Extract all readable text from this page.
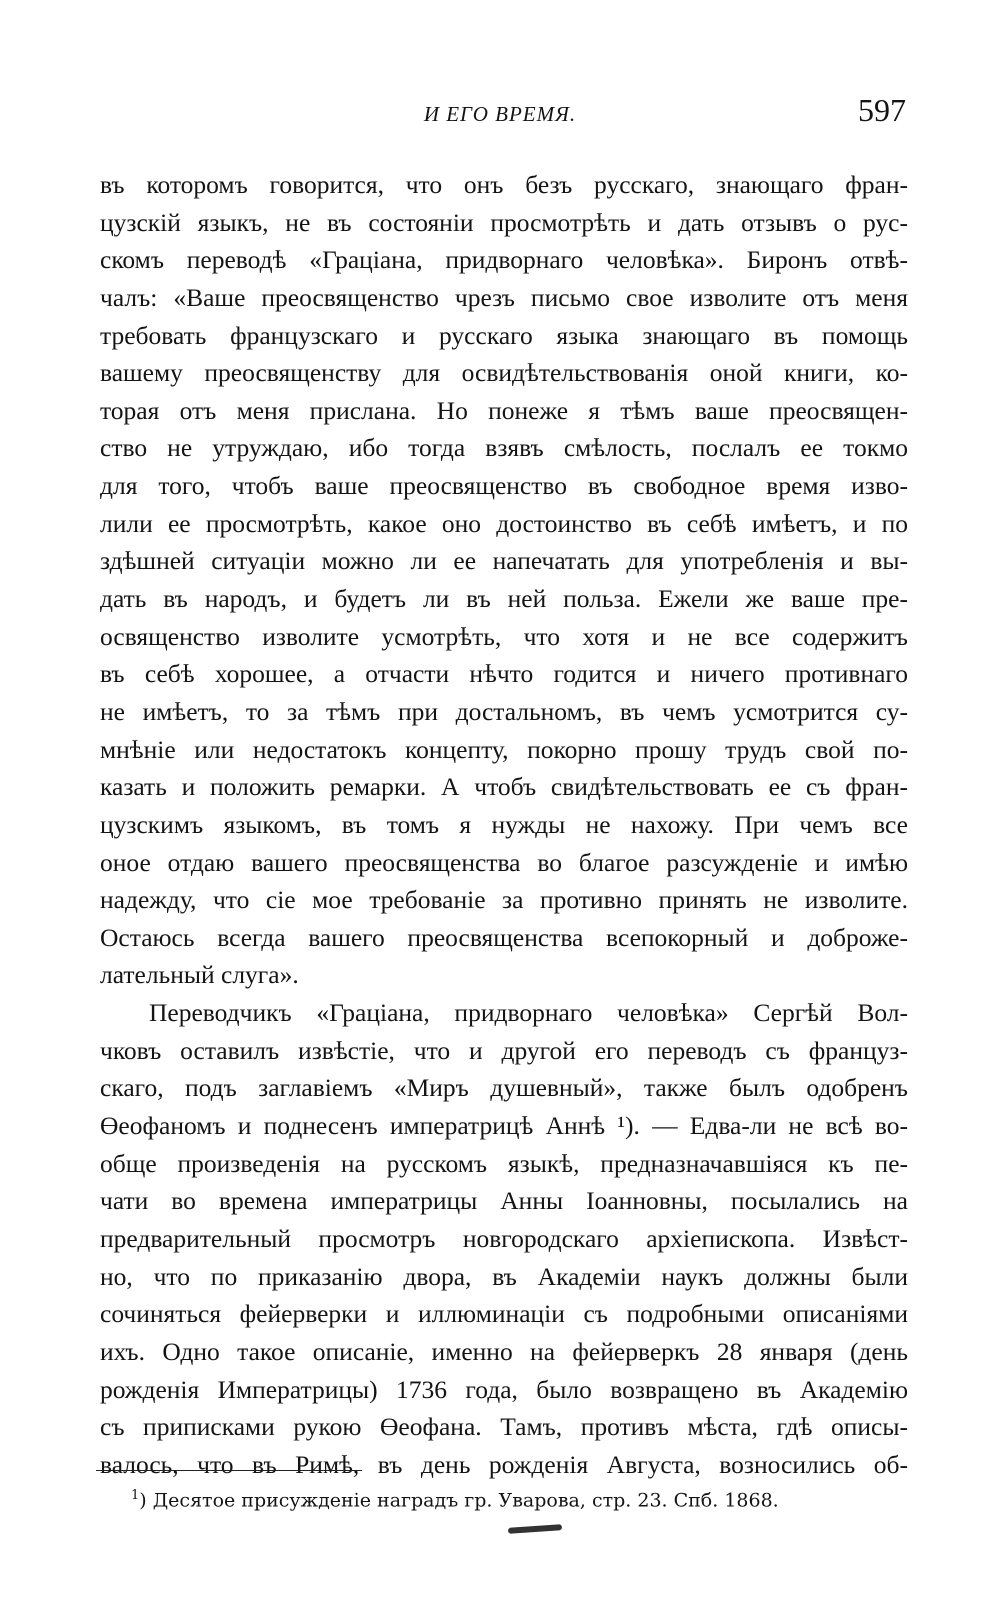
И ЕГО ВРЕМЯ.	597
въ которомъ говорится, что онъ безъ русскаго, знающаго фран-
цузскій языкъ, не въ состояніи просмотрѣть и дать отзывъ о рус-
скомъ переводѣ «Граціана, придворнаго человѣка». Биронъ отвѣ-
чалъ: «Ваше преосвященство чрезъ письмо свое изволите отъ меня
требовать французскаго и русскаго языка знающаго въ помощь
вашему преосвященству для освидѣтельствованія оной книги, ко-
торая отъ меня прислана. Но понеже я тѣмъ ваше преосвящен-
ство не утруждаю, ибо тогда взявъ смѣлость, послалъ ее токмо
для того, чтобъ ваше преосвященство въ свободное время изво-
лили ее просмотрѣть, какое оно достоинство въ себѣ имѣетъ, и по
здѣшней ситуаціи можно ли ее напечатать для употребленія и вы-
дать въ народъ, и будетъ ли въ ней польза. Ежели же ваше пре-
освященство изволите усмотрѣть, что хотя и не все содержитъ
въ себѣ хорошее, а отчасти нѣчто годится и ничего противнаго
не имѣетъ, то за тѣмъ при достальномъ, въ чемъ усмотрится су-
мнѣніе или недостатокъ концепту, покорно прошу трудъ свой по-
казать и положить ремарки. А чтобъ свидѣтельствовать ее съ фран-
цузскимъ языкомъ, въ томъ я нужды не нахожу. При чемъ все
оное отдаю вашего преосвященства во благое разсужденіе и имѣю
надежду, что сіе мое требованіе за противно принять не изволите.
Остаюсь всегда вашего преосвященства всепокорный и доброже-
лательный слуга».
Переводчикъ «Граціана, придворнаго человѣка» Сергѣй Вол-
чковъ оставилъ извѣстіе, что и другой его переводъ съ француз-
скаго, подъ заглавіемъ «Миръ душевный», также былъ одобренъ
Өеофаномъ и поднесенъ императрицѣ Аннѣ ¹). — Едва-ли не всѣ во-
обще произведенія на русскомъ языкѣ, предназначавшіяся къ пе-
чати во времена императрицы Анны Іоанновны, посылались на
предварительный просмотръ новгородскаго архіепископа. Извѣст-
но, что по приказанію двора, въ Академіи наукъ должны были
сочиняться фейерверки и иллюминаціи съ подробными описаніями
ихъ. Одно такое описаніе, именно на фейерверкъ 28 января (день
рожденія Императрицы) 1736 года, было возвращено въ Академію
съ приписками рукою Өеофана. Тамъ, противъ мѣста, гдѣ описы-
валось, что въ Римѣ, въ день рожденія Августа, возносились об-
$^1$) Десятое присужденіе наградъ гр. Уварова, стр. 23. Спб. 1868.
